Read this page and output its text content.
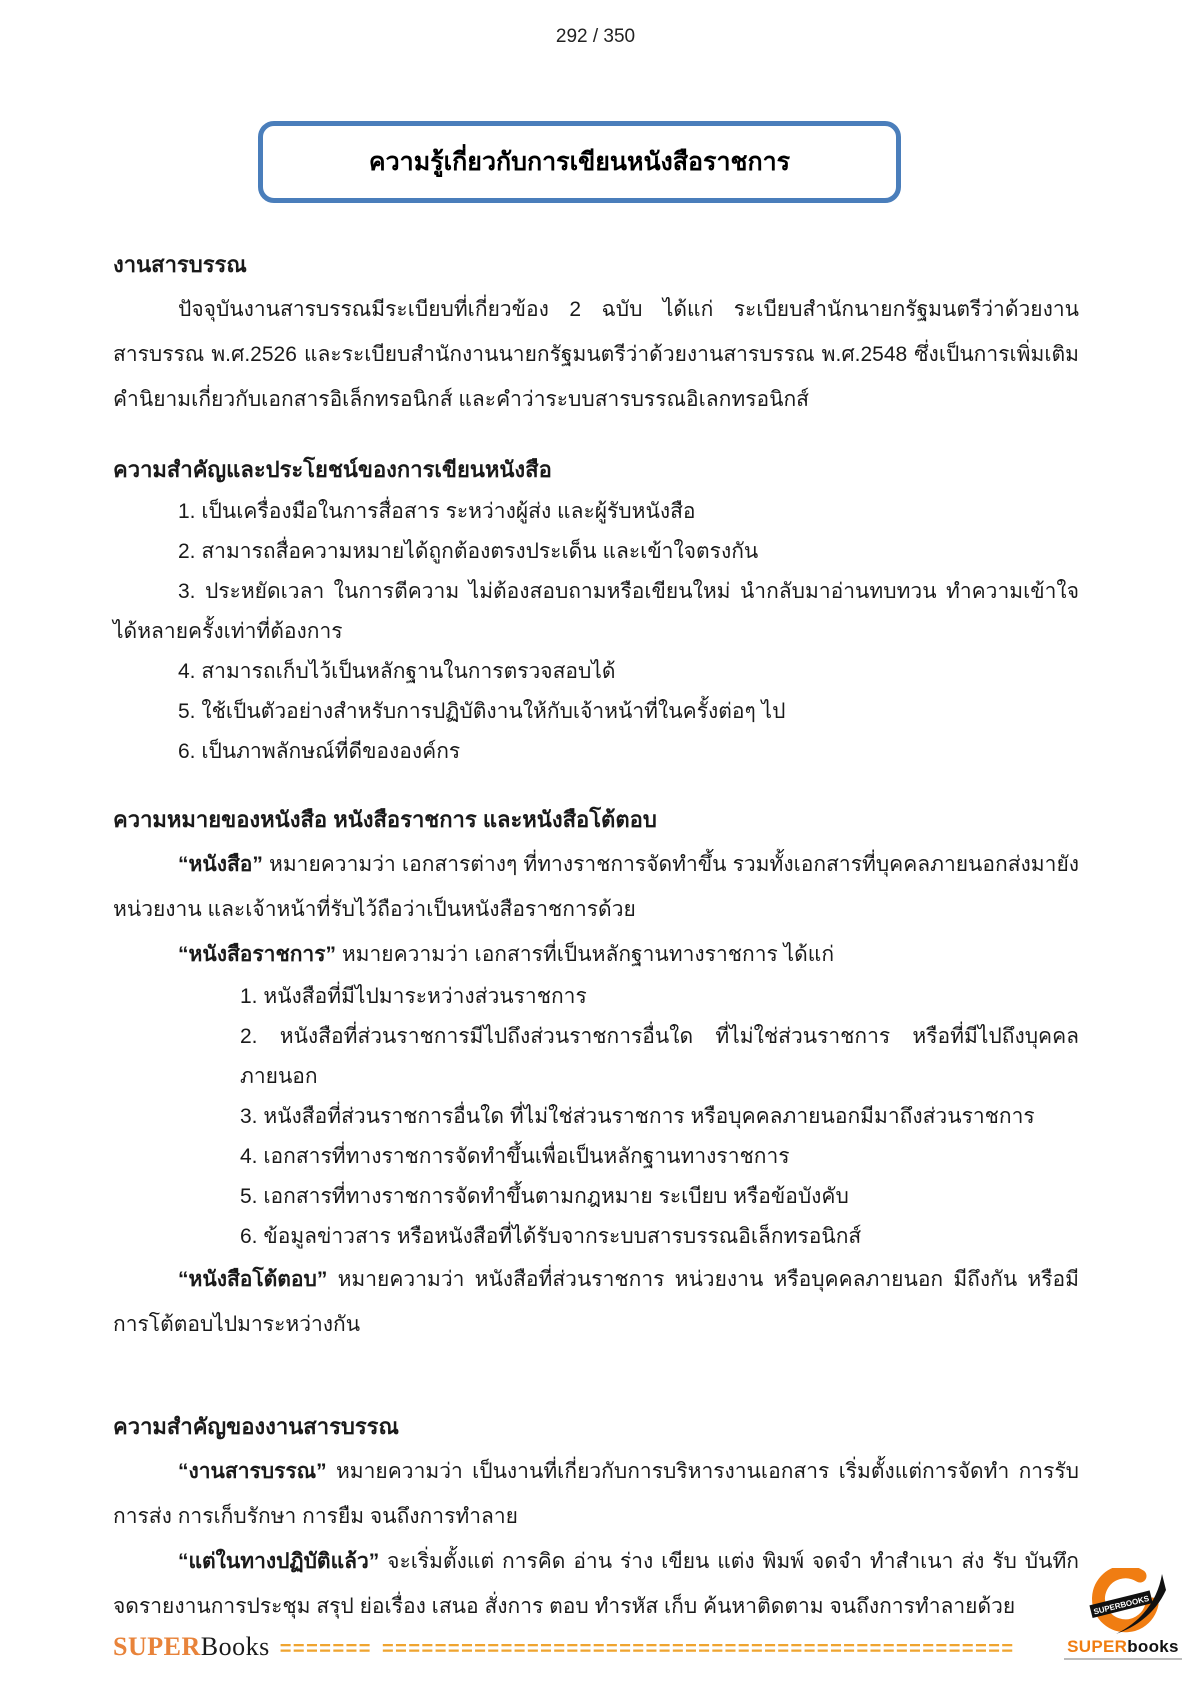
292 / 350
ความรู้เกี่ยวกับการเขียนหนังสือราชการ
งานสารบรรณ

ปัจจุบันงานสารบรรณมีระเบียบที่เกี่ยวข้อง 2 ฉบับ ได้แก่ ระเบียบสำนักนายกรัฐมนตรีว่าด้วยงานสารบรรณ พ.ศ.2526 และระเบียบสำนักงานนายกรัฐมนตรีว่าด้วยงานสารบรรณ พ.ศ.2548 ซึ่งเป็นการเพิ่มเติมคำนิยามเกี่ยวกับเอกสารอิเล็กทรอนิกส์ และคำว่าระบบสารบรรณอิเลกทรอนิกส์

ความสำคัญและประโยชน์ของการเขียนหนังสือ
1. เป็นเครื่องมือในการสื่อสาร ระหว่างผู้ส่ง และผู้รับหนังสือ
2. สามารถสื่อความหมายได้ถูกต้องตรงประเด็น และเข้าใจตรงกัน
3. ประหยัดเวลา ในการตีความ ไม่ต้องสอบถามหรือเขียนใหม่ นำกลับมาอ่านทบทวน ทำความเข้าใจได้หลายครั้งเท่าที่ต้องการ
4. สามารถเก็บไว้เป็นหลักฐานในการตรวจสอบได้
5. ใช้เป็นตัวอย่างสำหรับการปฏิบัติงานให้กับเจ้าหน้าที่ในครั้งต่อๆ ไป
6. เป็นภาพลักษณ์ที่ดีขององค์กร
ความหมายของหนังสือ หนังสือราชการ และหนังสือโต้ตอบ

“หนังสือ” หมายความว่า เอกสารต่างๆ ที่ทางราชการจัดทำขึ้น รวมทั้งเอกสารที่บุคคลภายนอกส่งมายังหน่วยงาน และเจ้าหน้าที่รับไว้ถือว่าเป็นหนังสือราชการด้วย

“หนังสือราชการ” หมายความว่า เอกสารที่เป็นหลักฐานทางราชการ ได้แก่

1. หนังสือที่มีไปมาระหว่างส่วนราชการ
2. หนังสือที่ส่วนราชการมีไปถึงส่วนราชการอื่นใด ที่ไม่ใช่ส่วนราชการ หรือที่มีไปถึงบุคคลภายนอก
3. หนังสือที่ส่วนราชการอื่นใด ที่ไม่ใช่ส่วนราชการ หรือบุคคลภายนอกมีมาถึงส่วนราชการ
4. เอกสารที่ทางราชการจัดทำขึ้นเพื่อเป็นหลักฐานทางราชการ
5. เอกสารที่ทางราชการจัดทำขึ้นตามกฎหมาย ระเบียบ หรือข้อบังคับ
6. ข้อมูลข่าวสาร หรือหนังสือที่ได้รับจากระบบสารบรรณอิเล็กทรอนิกส์

“หนังสือโต้ตอบ” หมายความว่า หนังสือที่ส่วนราชการ หน่วยงาน หรือบุคคลภายนอก มีถึงกัน หรือมีการโต้ตอบไปมาระหว่างกัน

ความสำคัญของงานสารบรรณ

“งานสารบรรณ” หมายความว่า เป็นงานที่เกี่ยวกับการบริหารงานเอกสาร เริ่มตั้งแต่การจัดทำ การรับ การส่ง การเก็บรักษา การยืม จนถึงการทำลาย

“แต่ในทางปฏิบัติแล้ว” จะเริ่มตั้งแต่ การคิด อ่าน ร่าง เขียน แต่ง พิมพ์ จดจำ ทำสำเนา ส่ง รับ บันทึก จดรายงานการประชุม สรุป ย่อเรื่อง เสนอ สั่งการ ตอบ ทำรหัส เก็บ ค้นหาติดตาม จนถึงการทำลายด้วย

SUPERBooks ======= ================================================
SUPERBOOKS
SUPERbooks
